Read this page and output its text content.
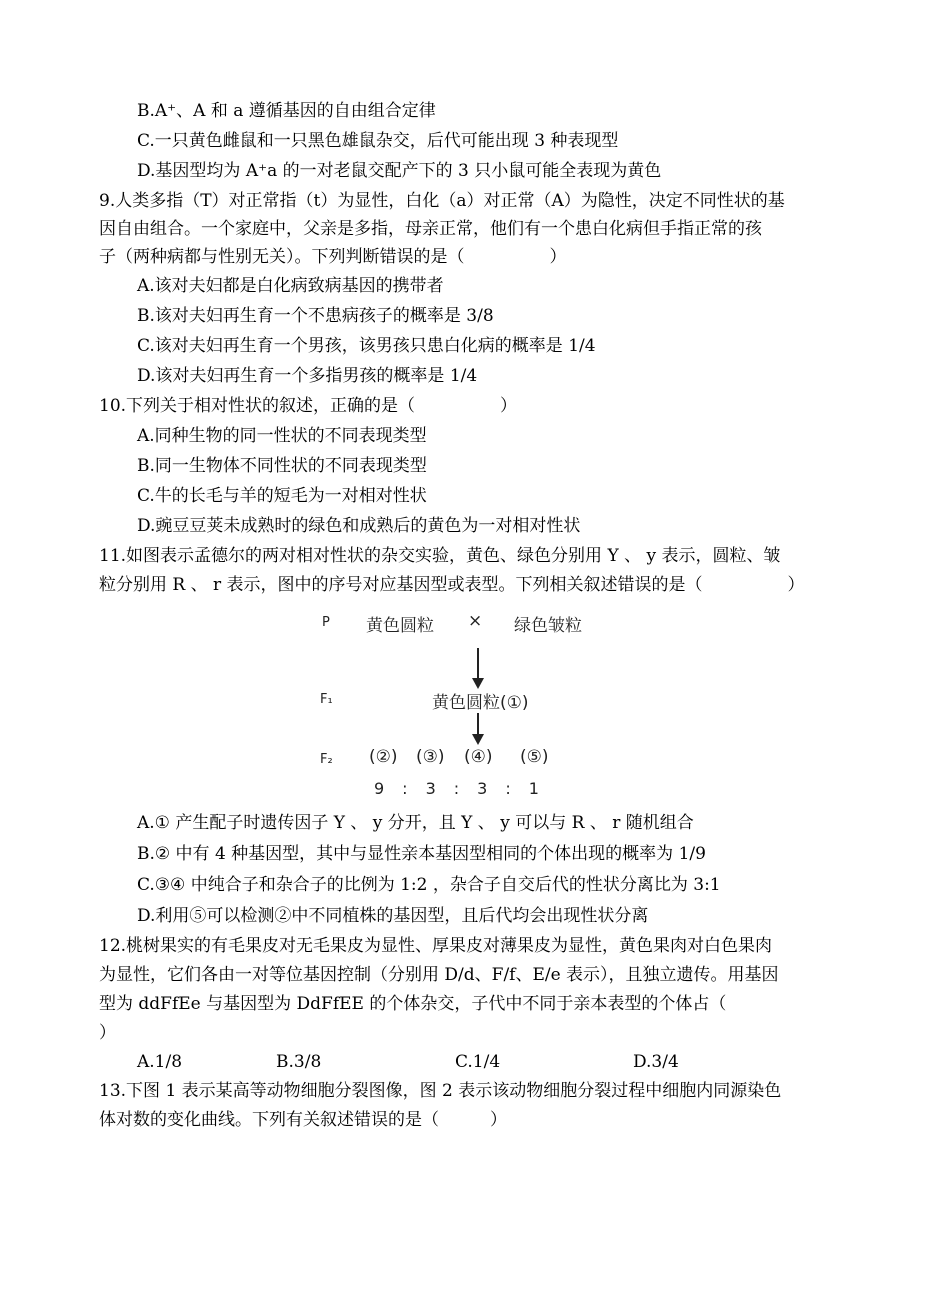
B.A⁺、A 和 a 遵循基因的自由组合定律
C.一只黄色雌鼠和一只黑色雄鼠杂交，后代可能出现 3 种表现型
D.基因型均为 A⁺a 的一对老鼠交配产下的 3 只小鼠可能全表现为黄色
9.人类多指（T）对正常指（t）为显性，白化（a）对正常（A）为隐性，决定不同性状的基
因自由组合。一个家庭中，父亲是多指，母亲正常，他们有一个患白化病但手指正常的孩
子（两种病都与性别无关）。下列判断错误的是（　　　　　）
A.该对夫妇都是白化病致病基因的携带者
B.该对夫妇再生育一个不患病孩子的概率是 3/8
C.该对夫妇再生育一个男孩，该男孩只患白化病的概率是 1/4
D.该对夫妇再生育一个多指男孩的概率是 1/4
10.下列关于相对性状的叙述，正确的是（　　　　　）
A.同种生物的同一性状的不同表现类型
B.同一生物体不同性状的不同表现类型
C.牛的长毛与羊的短毛为一对相对性状
D.豌豆豆荚未成熟时的绿色和成熟后的黄色为一对相对性状
11.如图表示孟德尔的两对相对性状的杂交实验，黄色、绿色分别用 Y 、 y 表示，圆粒、皱
粒分别用 R 、 r 表示，图中的序号对应基因型或表型。下列相关叙述错误的是（　　　　　）
P 黄色圆粒 × 绿色皱粒
F₁	黄色圆粒(①)
F₂ (②) (③) (④) (⑤)
9　:　3　:　3　:　1
A.① 产生配子时遗传因子 Y 、 y 分开，且 Y 、 y 可以与 R 、 r 随机组合
B.② 中有 4 种基因型，其中与显性亲本基因型相同的个体出现的概率为 1/9
C.③④ 中纯合子和杂合子的比例为 1:2 ，杂合子自交后代的性状分离比为 3:1
D.利用⑤可以检测②中不同植株的基因型，且后代均会出现性状分离
12.桃树果实的有毛果皮对无毛果皮为显性、厚果皮对薄果皮为显性，黄色果肉对白色果肉
为显性，它们各由一对等位基因控制（分别用 D/d、F/f、E/e 表示），且独立遗传。用基因
型为 ddFfEe 与基因型为 DdFfEE 的个体杂交，子代中不同于亲本表型的个体占（
）
A.1/8	B.3/8	C.1/4	D.3/4
13.下图 1 表示某高等动物细胞分裂图像，图 2 表示该动物细胞分裂过程中细胞内同源染色
体对数的变化曲线。下列有关叙述错误的是（　　　）
